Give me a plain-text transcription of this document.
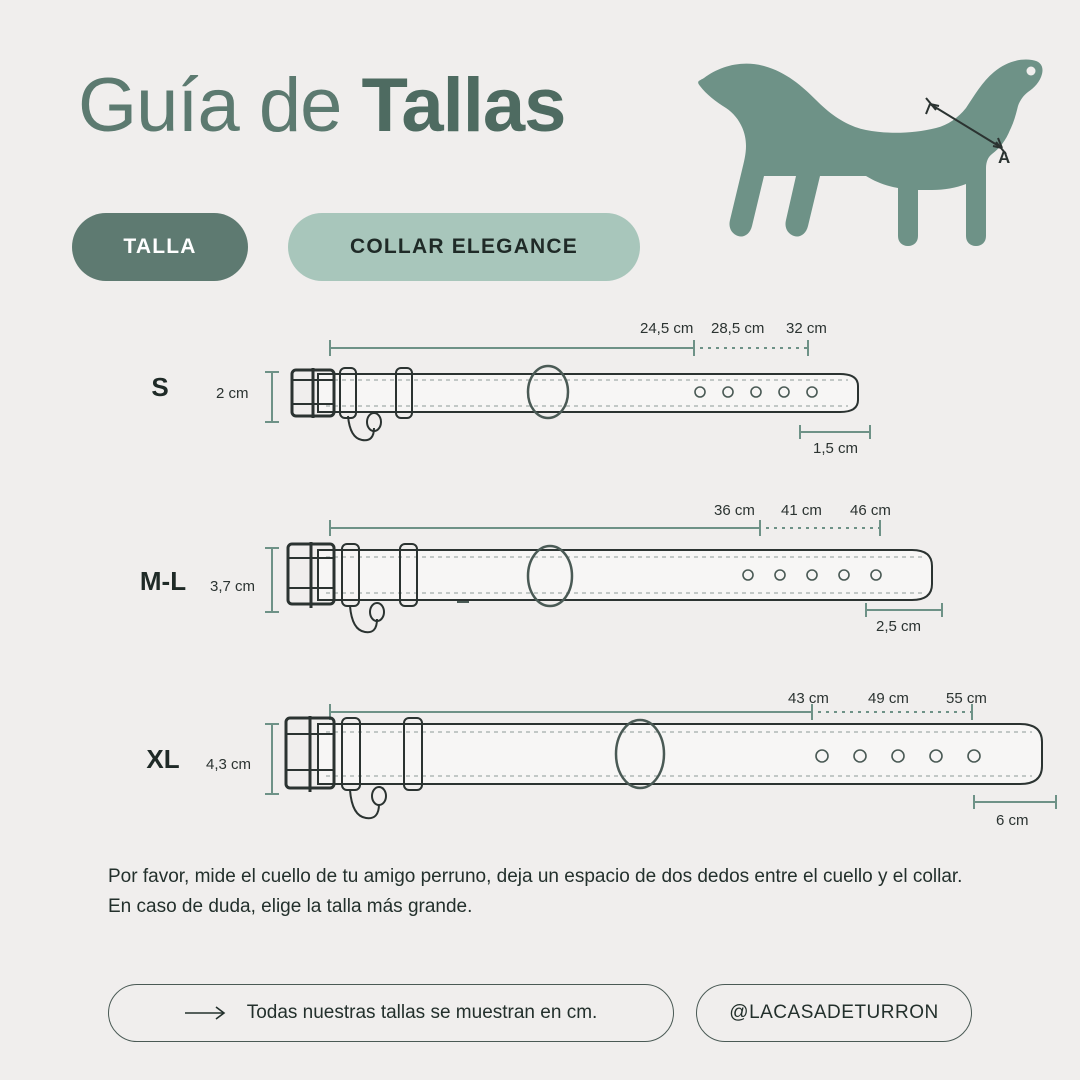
Guía de Tallas
A
TALLA	COLLAR ELEGANCE
S	2 cm
24,5 cm 28,5 cm 32 cm
1,5 cm
M-L	3,7 cm
36 cm 41 cm 46 cm
2,5 cm
XL	4,3 cm
43 cm	49 cm 55 cm
6 cm
Por favor, mide el cuello de tu amigo perruno, deja un espacio de dos dedos entre el cuello y el collar.
En caso de duda, elige la talla más grande.
Todas nuestras tallas se muestran en cm.	@LACASADETURRON
